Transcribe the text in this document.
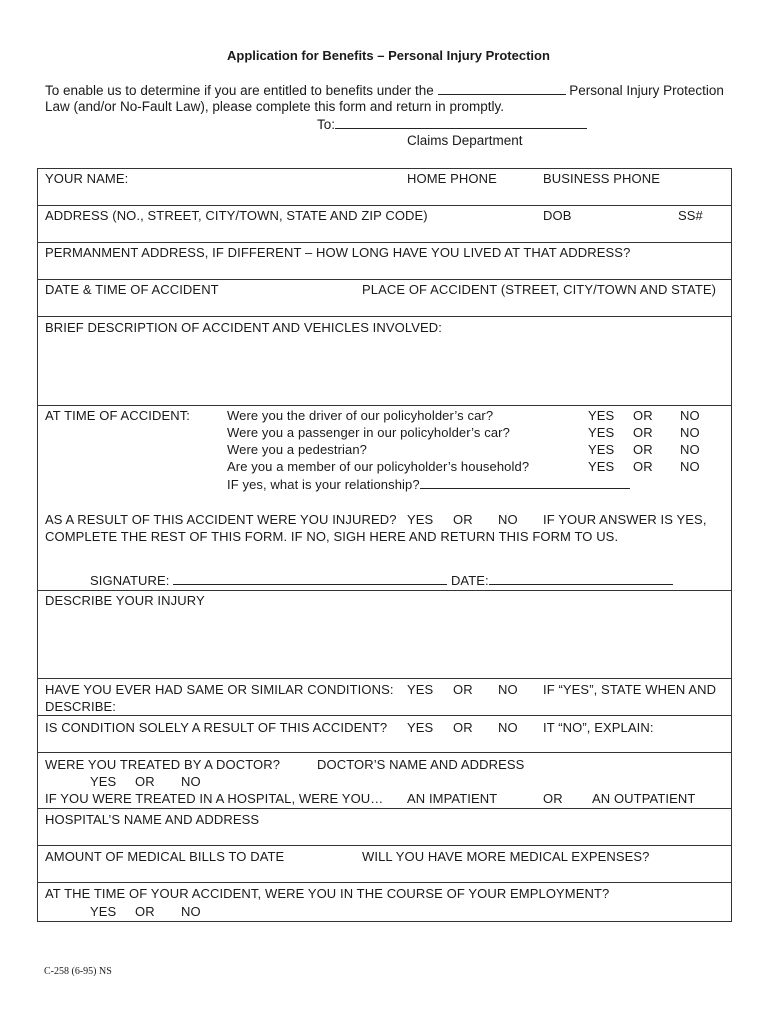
Application for Benefits – Personal Injury Protection
To enable us to determine if you are entitled to benefits under the	Personal Injury Protection
Law (and/or No-Fault Law), please complete this form and return in promptly.
To:
Claims Department
YOUR NAME:	HOME PHONE	BUSINESS PHONE
ADDRESS (NO., STREET, CITY/TOWN, STATE AND ZIP CODE)	DOB	SS#
PERMANMENT ADDRESS, IF DIFFERENT – HOW LONG HAVE YOU LIVED AT THAT ADDRESS?
DATE & TIME OF ACCIDENT	PLACE OF ACCIDENT (STREET, CITY/TOWN AND STATE)
BRIEF DESCRIPTION OF ACCIDENT AND VEHICLES INVOLVED:
AT TIME OF ACCIDENT:	Were you the driver of our policyholder’s car?	YES OR NO
Were you a passenger in our policyholder’s car?	YES OR NO
Were you a pedestrian?	YES OR NO
Are you a member of our policyholder’s household?	YES OR NO
IF yes, what is your relationship?
AS A RESULT OF THIS ACCIDENT WERE YOU INJURED? YES OR NO IF YOUR ANSWER IS YES,
COMPLETE THE REST OF THIS FORM. IF NO, SIGH HERE AND RETURN THIS FORM TO US.
SIGNATURE:	DATE:
DESCRIBE YOUR INJURY
HAVE YOU EVER HAD SAME OR SIMILAR CONDITIONS: YES OR NO IF “YES”, STATE WHEN AND
DESCRIBE:
IS CONDITION SOLELY A RESULT OF THIS ACCIDENT? YES OR NO IT “NO”, EXPLAIN:
WERE YOU TREATED BY A DOCTOR?	DOCTOR’S NAME AND ADDRESS
YES OR NO
IF YOU WERE TREATED IN A HOSPITAL, WERE YOU… AN IMPATIENT	OR AN OUTPATIENT
HOSPITAL’S NAME AND ADDRESS
AMOUNT OF MEDICAL BILLS TO DATE	WILL YOU HAVE MORE MEDICAL EXPENSES?
AT THE TIME OF YOUR ACCIDENT, WERE YOU IN THE COURSE OF YOUR EMPLOYMENT?
YES OR NO
C-258 (6-95) NS
